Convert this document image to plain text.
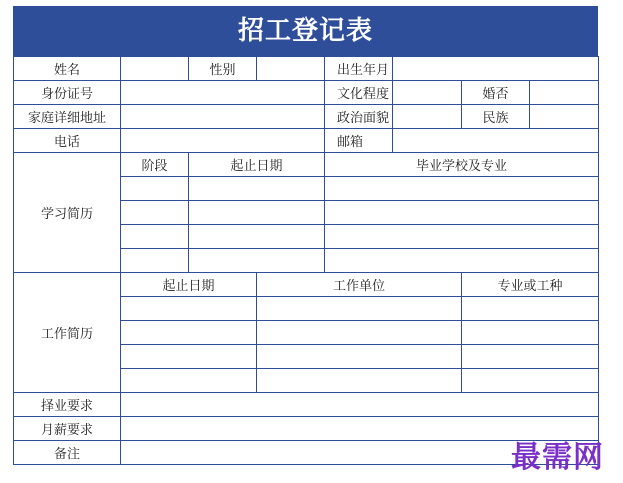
招工登记表
姓名		性别		出生年月			
身份证号				文化程度		婚否	
家庭详细地址				政治面貌		民族	
电话				邮箱			
学习简历	阶段	起止日期		毕业学校及专业			

工作简历	起止日期		工作单位			专业或工种	

择业要求							
月薪要求							
备注								最需网
